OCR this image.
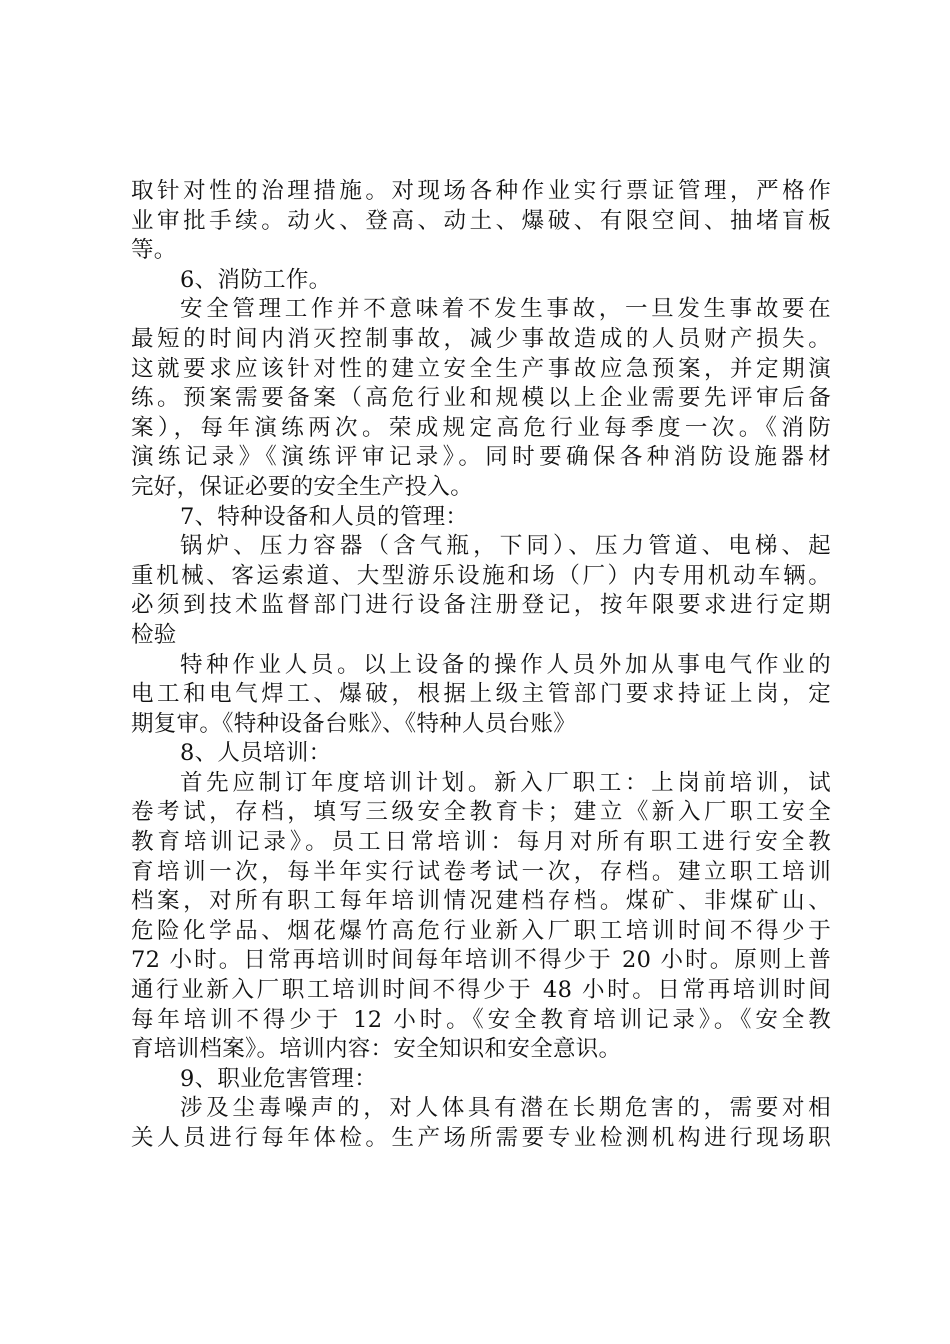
取针对性的治理措施。对现场各种作业实行票证管理，严格作
业审批手续。动火、登高、动土、爆破、有限空间、抽堵盲板
等。
6、消防工作。
安全管理工作并不意味着不发生事故，一旦发生事故要在
最短的时间内消灭控制事故，减少事故造成的人员财产损失。
这就要求应该针对性的建立安全生产事故应急预案，并定期演
练。预案需要备案（高危行业和规模以上企业需要先评审后备
案），每年演练两次。荣成规定高危行业每季度一次。《消防
演练记录》《演练评审记录》。同时要确保各种消防设施器材
完好，保证必要的安全生产投入。
7、特种设备和人员的管理：
锅炉、压力容器（含气瓶，下同）、压力管道、电梯、起
重机械、客运索道、大型游乐设施和场（厂）内专用机动车辆。
必须到技术监督部门进行设备注册登记，按年限要求进行定期
检验
特种作业人员。以上设备的操作人员外加从事电气作业的
电工和电气焊工、爆破，根据上级主管部门要求持证上岗，定
期复审。《特种设备台账》、《特种人员台账》
8、人员培训：
首先应制订年度培训计划。新入厂职工：上岗前培训，试
卷考试，存档，填写三级安全教育卡；建立《新入厂职工安全
教育培训记录》。员工日常培训：每月对所有职工进行安全教
育培训一次，每半年实行试卷考试一次，存档。建立职工培训
档案，对所有职工每年培训情况建档存档。煤矿、非煤矿山、
危险化学品、烟花爆竹高危行业新入厂职工培训时间不得少于
72 小时。日常再培训时间每年培训不得少于 20 小时。原则上普
通行业新入厂职工培训时间不得少于 48 小时。日常再培训时间
每年培训不得少于 12 小时。《安全教育培训记录》。《安全教
育培训档案》。培训内容：安全知识和安全意识。
9、职业危害管理：
涉及尘毒噪声的，对人体具有潜在长期危害的，需要对相
关人员进行每年体检。生产场所需要专业检测机构进行现场职
